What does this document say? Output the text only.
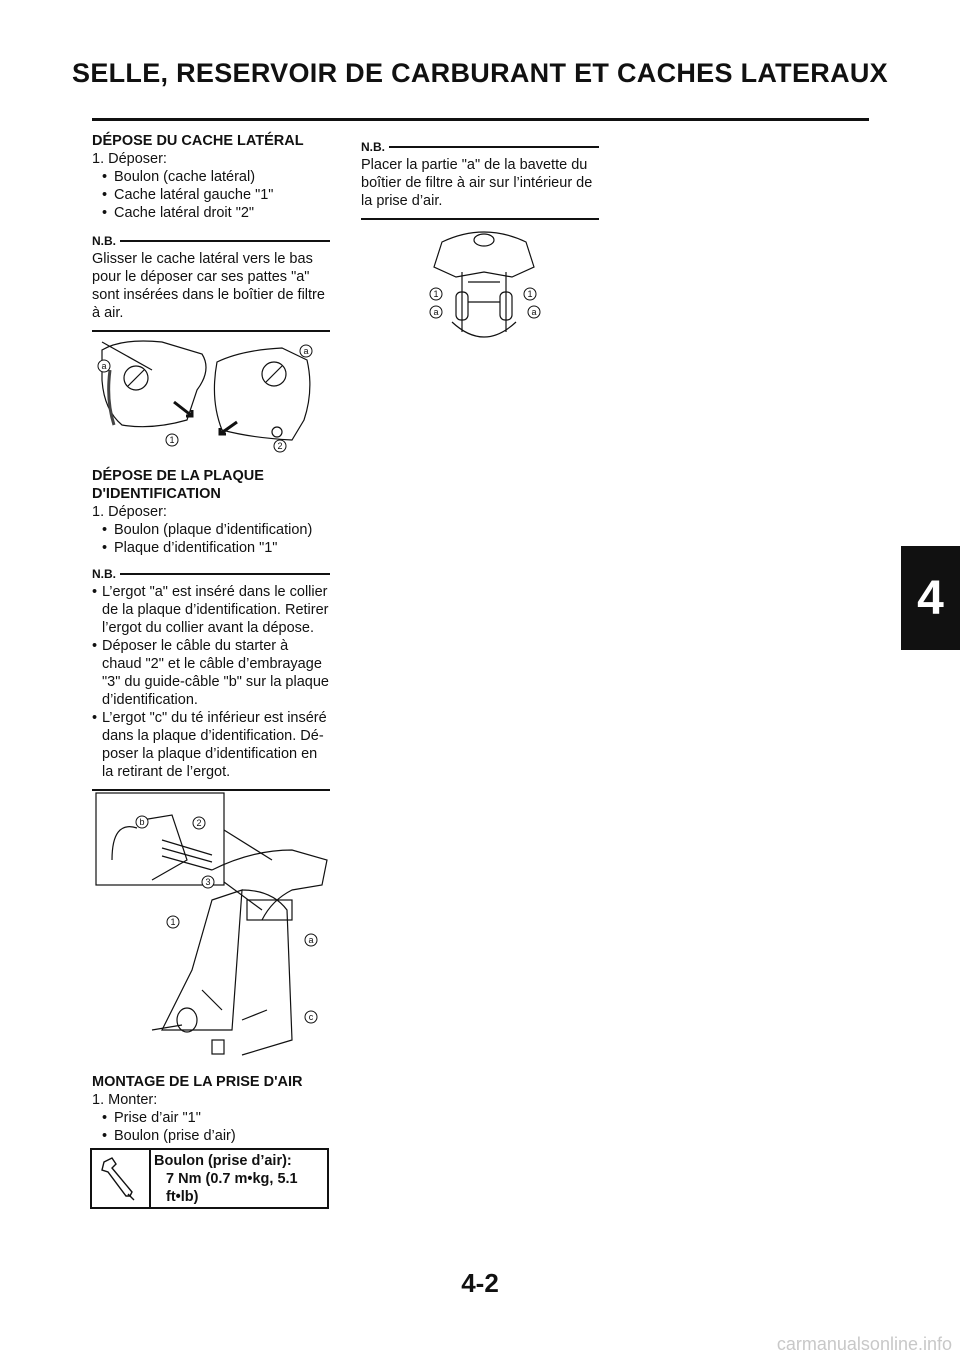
SELLE, RESERVOIR DE CARBURANT ET CACHES LATERAUX
4

DÉPOSE DU CACHE LATÉRAL

1. Déposer:

• Boulon (cache latéral)
• Cache latéral gauche "1"
• Cache latéral droit "2"
N.B.

Glisser le cache latéral vers le bas pour le déposer car ses pattes "a" sont insérées dans le boîtier de filtre à air.

a
a
1
2

DÉPOSE DE LA PLAQUE

D'IDENTIFICATION

1. Déposer:

• Boulon (plaque d’identification)
• Plaque d’identification "1"
N.B.
• L’ergot "a" est inséré dans le collier de la plaque d’identification. Retirer l’ergot du collier avant la dépose.
• Déposer le câble du starter à chaud "2" et le câble d’embrayage "3" du guide-câble "b" sur la plaque d’identification.
• L’ergot "c" du té inférieur est inséré dans la plaque d’identification. Dé-poser la plaque d’identification en la retirant de l’ergot.
b	2
3
1
a
c

MONTAGE DE LA PRISE D'AIR

1. Monter:

• Prise d’air "1"
• Boulon (prise d’air)
Boulon (prise d’air):
7 Nm (0.7 m•kg, 5.1 ft•lb)
N.B.

Placer la partie "a" de la bavette du boîtier de filtre à air sur l’intérieur de la prise d’air.

1	1
a	a

4-2

carmanualsonline.info
